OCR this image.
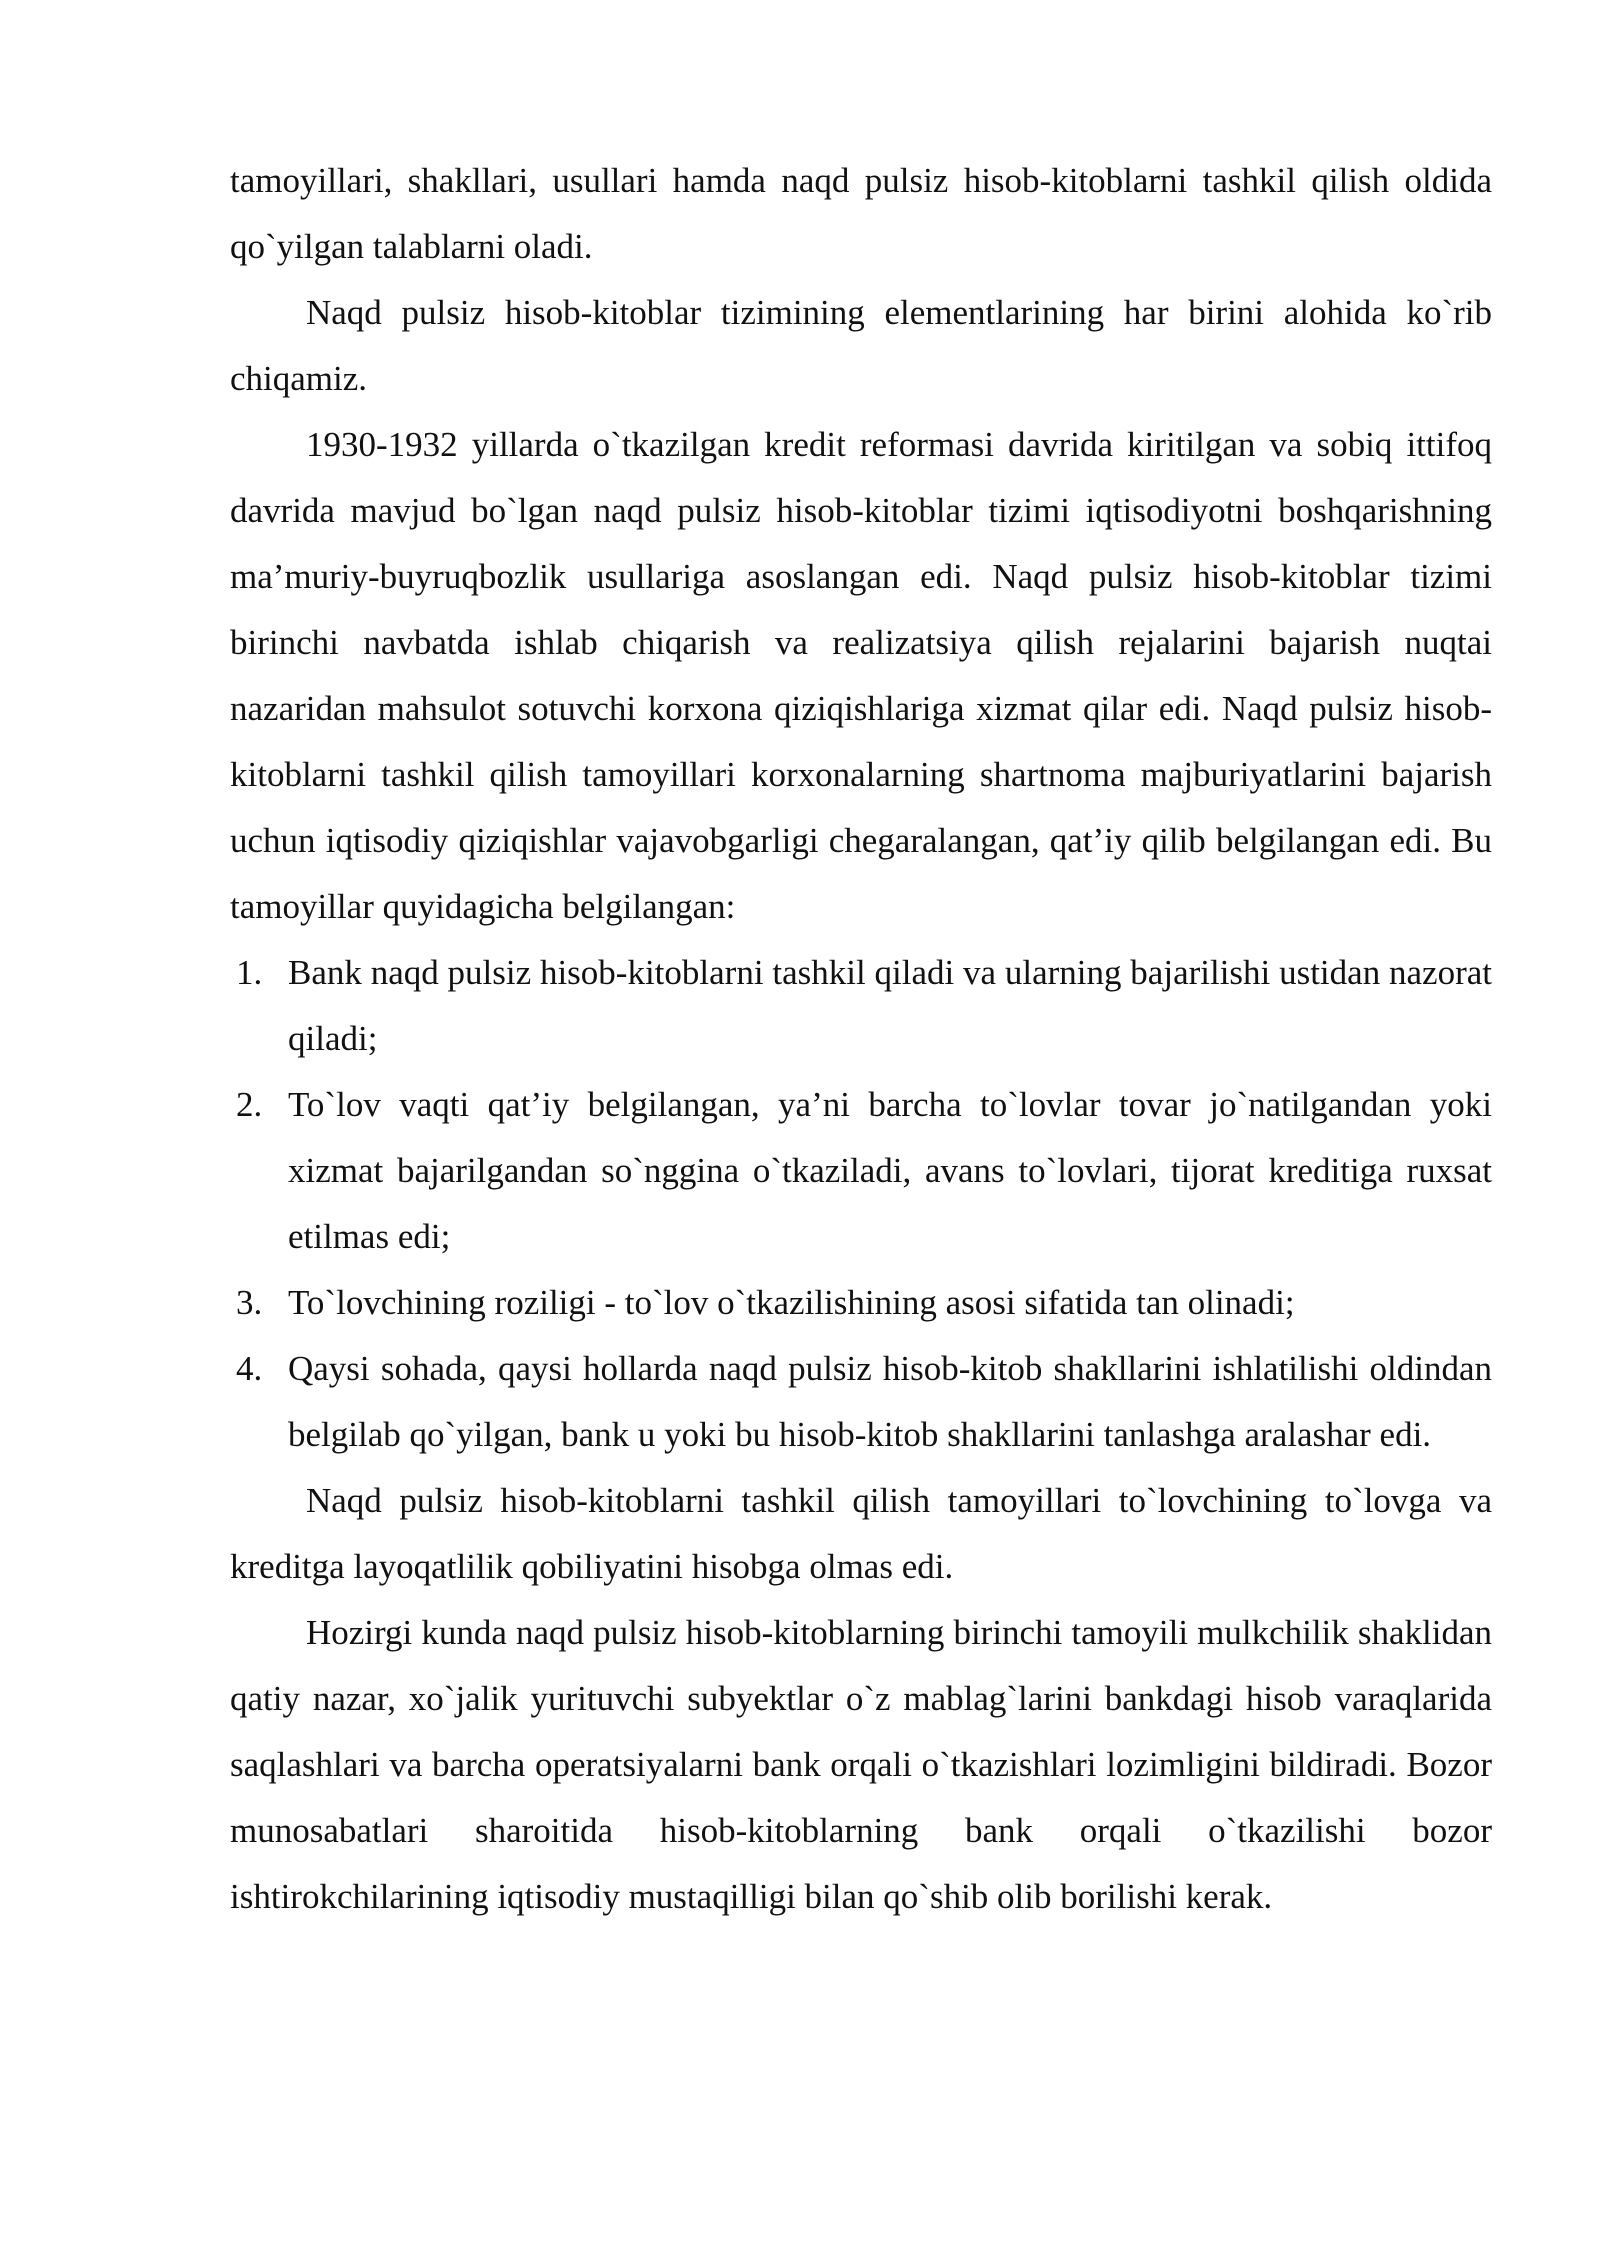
tamoyillari, shakllari, usullari hamda naqd pulsiz hisob-kitoblarni tashkil qilish oldida qo`yilgan talablarni oladi.

Naqd pulsiz hisob-kitoblar tizimining elementlarining har birini alohida ko`rib chiqamiz.

1930-1932 yillarda o`tkazilgan kredit reformasi davrida kiritilgan va sobiq ittifoq davrida mavjud bo`lgan naqd pulsiz hisob-kitoblar tizimi iqtisodiyotni boshqarishning ma’muriy-buyruqbozlik usullariga asoslangan edi. Naqd pulsiz hisob-kitoblar tizimi birinchi navbatda ishlab chiqarish va realizatsiya qilish rejalarini bajarish nuqtai nazaridan mahsulot sotuvchi korxona qiziqishlariga xizmat qilar edi. Naqd pulsiz hisob-kitoblarni tashkil qilish tamoyillari korxonalarning shartnoma majburiyatlarini bajarish uchun iqtisodiy qiziqishlar vajavobgarligi chegaralangan, qat’iy qilib belgilangan edi. Bu tamoyillar quyidagicha belgilangan:

1. Bank naqd pulsiz hisob-kitoblarni tashkil qiladi va ularning bajarilishi ustidan nazorat qiladi;
2. To`lov vaqti qat’iy belgilangan, ya’ni barcha to`lovlar tovar jo`natilgandan yoki xizmat bajarilgandan so`nggina o`tkaziladi, avans to`lovlari, tijorat kreditiga ruxsat etilmas edi;
3. To`lovchining roziligi - to`lov o`tkazilishining asosi sifatida tan olinadi;
4. Qaysi sohada, qaysi hollarda naqd pulsiz hisob-kitob shakllarini ishlatilishi oldindan belgilab qo`yilgan, bank u yoki bu hisob-kitob shakllarini tanlashga aralashar edi.

Naqd pulsiz hisob-kitoblarni tashkil qilish tamoyillari to`lovchining to`lovga va kreditga layoqatlilik qobiliyatini hisobga olmas edi.

Hozirgi kunda naqd pulsiz hisob-kitoblarning birinchi tamoyili mulkchilik shaklidan qatiy nazar, xo`jalik yurituvchi subyektlar o`z mablag`larini bankdagi hisob varaqlarida saqlashlari va barcha operatsiyalarni bank orqali o`tkazishlari lozimligini bildiradi. Bozor munosabatlari sharoitida hisob-kitoblarning bank orqali o`tkazilishi bozor ishtirokchilarining iqtisodiy mustaqilligi bilan qo`shib olib borilishi kerak.
